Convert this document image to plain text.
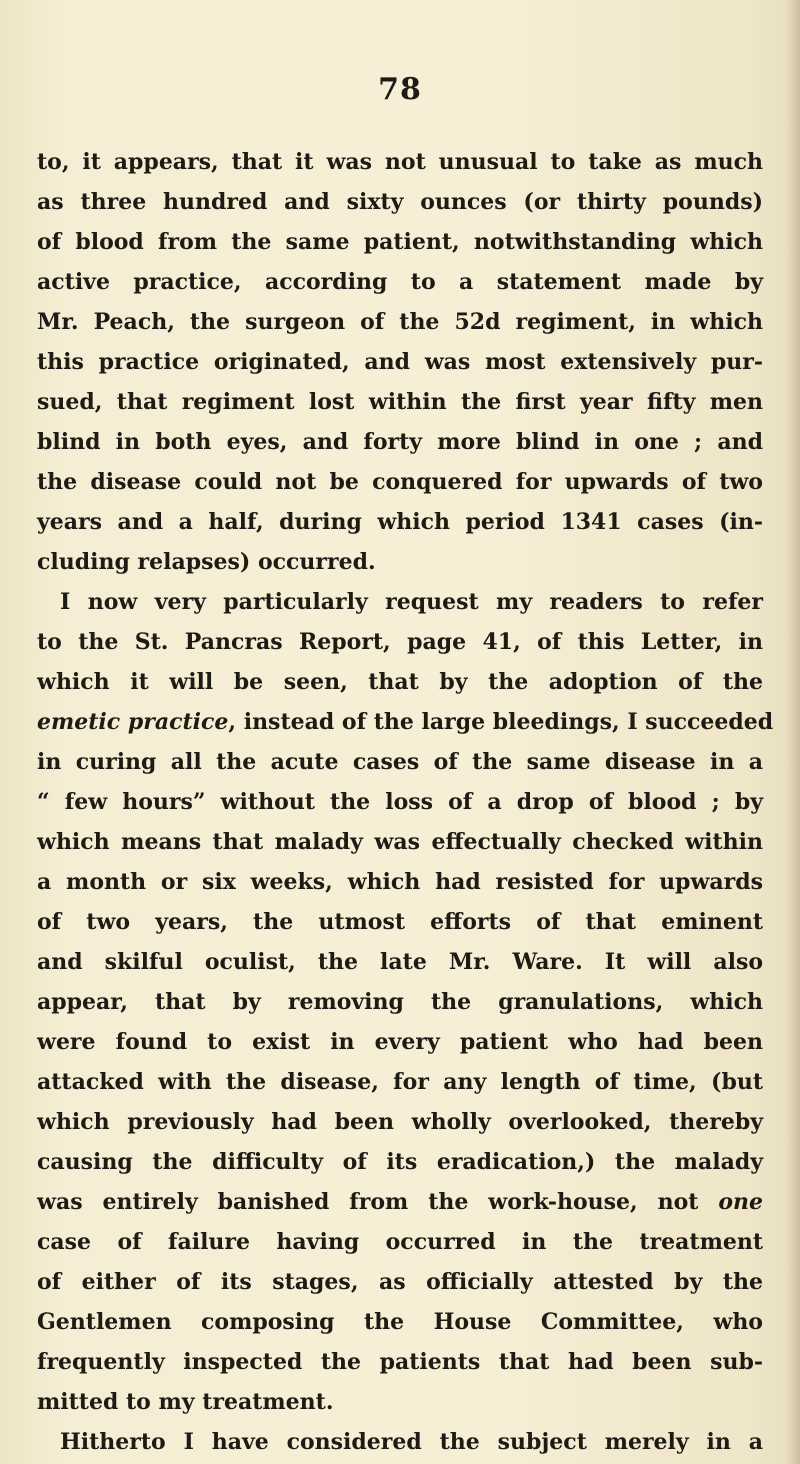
78
to, it appears, that it was not unusual to take as much
as three hundred and sixty ounces (or thirty pounds)
of blood from the same patient, notwithstanding which
active practice, according to a statement made by
Mr. Peach, the surgeon of the 52d regiment, in which
this practice originated, and was most extensively pur-
sued, that regiment lost within the first year fifty men
blind in both eyes, and forty more blind in one ; and
the disease could not be conquered for upwards of two
years and a half, during which period 1341 cases (in-
cluding relapses) occurred.
I now very particularly request my readers to refer
to the St. Pancras Report, page 41, of this Letter, in
which it will be seen, that by the adoption of the
emetic practice, instead of the large bleedings, I succeeded
in curing all the acute cases of the same disease in a
“ few hours” without the loss of a drop of blood ; by
which means that malady was effectually checked within
a month or six weeks, which had resisted for upwards
of two years, the utmost efforts of that eminent
and skilful oculist, the late Mr. Ware. It will also
appear, that by removing the granulations, which
were found to exist in every patient who had been
attacked with the disease, for any length of time, (but
which previously had been wholly overlooked, thereby
causing the difficulty of its eradication,) the malady
was entirely banished from the work-house, not one
case of failure having occurred in the treatment
of either of its stages, as officially attested by the
Gentlemen composing the House Committee, who
frequently inspected the patients that had been sub-
mitted to my treatment.
Hitherto I have considered the subject merely in a
